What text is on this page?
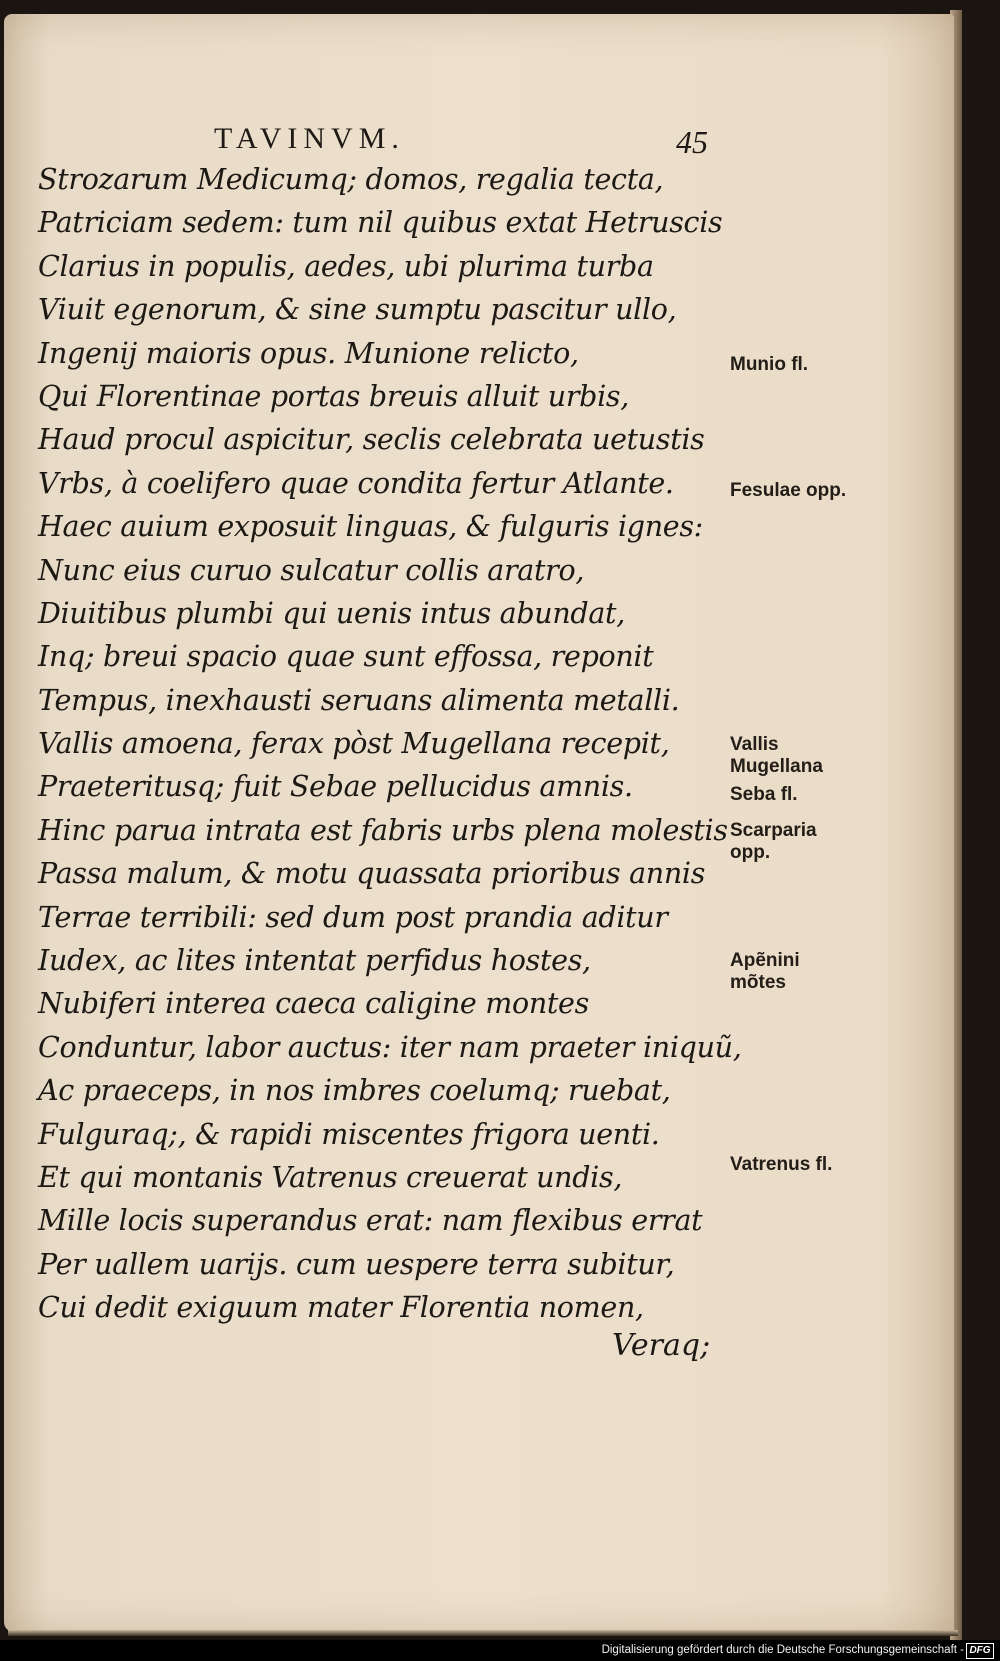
TAVINVM.	45
Strozarum Medicumq; domos, regalia tecta,
Patriciam sedem: tum nil quibus extat Hetruscis
Clarius in populis, aedes, ubi plurima turba
Viuit egenorum, & sine sumptu pascitur ullo,
Ingenij maioris opus. Munione relicto,
Qui Florentinae portas breuis alluit urbis,
Haud procul aspicitur, seclis celebrata uetustis
Vrbs, à coelifero quae condita fertur Atlante.
Haec auium exposuit linguas, & fulguris ignes:
Nunc eius curuo sulcatur collis aratro,
Diuitibus plumbi qui uenis intus abundat,
Inq; breui spacio quae sunt effossa, reponit
Tempus, inexhausti seruans alimenta metalli.
Vallis amoena, ferax pòst Mugellana recepit,
Praeteritusq; fuit Sebae pellucidus amnis.
Hinc parua intrata est fabris urbs plena molestis
Passa malum, & motu quassata prioribus annis
Terrae terribili: sed dum post prandia aditur
Iudex, ac lites intentat perfidus hostes,
Nubiferi interea caeca caligine montes
Conduntur, labor auctus: iter nam praeter iniquũ,
Ac praeceps, in nos imbres coelumq; ruebat,
Fulguraq;, & rapidi miscentes frigora uenti.
Et qui montanis Vatrenus creuerat undis,
Mille locis superandus erat: nam flexibus errat
Per uallem uarijs. cum uespere terra subitur,
Cui dedit exiguum mater Florentia nomen,
Veraq;
Munio fl.
Fesulae opp.
Vallis Mugellana
Seba fl.
Scarparia opp.
Apẽnini mõtes
Vatrenus fl.
Digitalisierung gefördert durch die Deutsche Forschungsgemeinschaft - DFG
